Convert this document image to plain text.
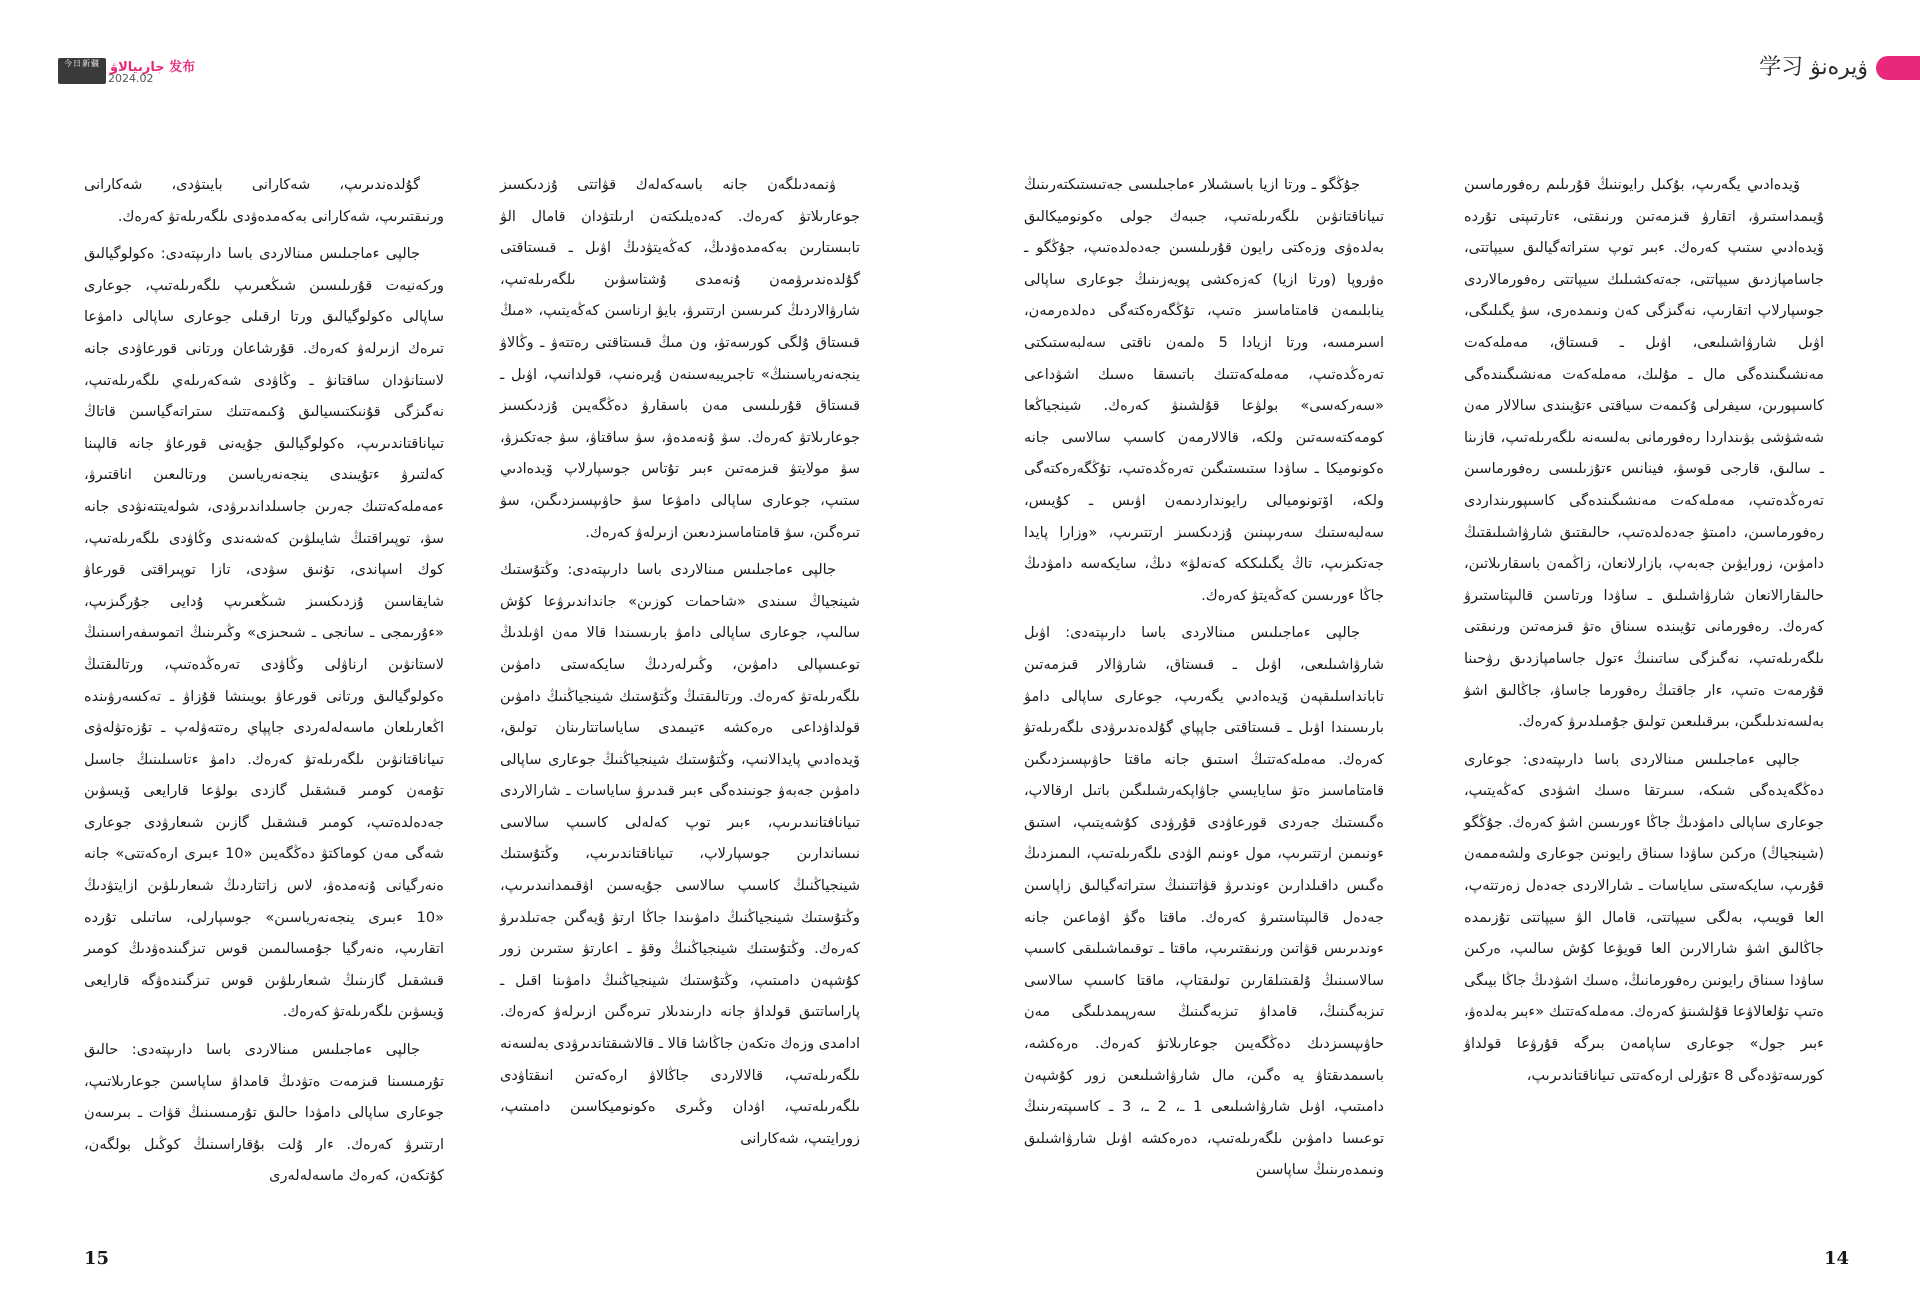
今日新疆 جارىيالاۋ 发布
2024.02

ۋنمەدىلگەن جانە باسەكەلەك قۋاتتى ۇزدىكسىز جوعارىلاتۋ كەرەك. كەدەيلىكتەن ارىلتۋدان قامال الۋ تابىستارىن بەكەمدەۋدىڭ، كەڭەيتۋدىڭ اۋىل ـ قىستاقتى گۇلدەندىرۋمەن ۇنەمدى ۇشتاسۋىن ىلگەرىلەتىپ، شارۋالاردىڭ كىرىسىن ارتتىرۋ، بايۋ ارناسىن كەڭەيتىپ، «مىڭ قىستاق ۇلگى كورسەتۋ، ون مىڭ قىستاقتى رەتتەۋ ـ وڭالاۋ ينجەنەرياسىنىڭ» تاجىريبەسىنەن ۇيرەنىپ، قولدانىپ، اۋىل ـ قىستاق قۇرىلىسى مەن باسقارۋ دەڭگەيىن ۇزدىكسىز جوعارىلاتۋ كەرەك. سۋ ۇنەمدەۋ، سۋ ساقتاۋ، سۋ جەتكىزۋ، سۋ مولايتۋ قىزمەتىن ءبىر تۇتاس جوسپارلاپ ۆيدەادىي ستىپ، جوعارى ساپالى دامۋعا سۋ حاۋىپسىزدىگىن، سۋ تىرەگىن، سۋ قامتاماسىزدىعىن ازىرلەۋ كەرەك.

جالپى ءماجىلىس مىنالاردى باسا دارىپتەدى: وڭتۇستىك شينجياڭ سىندى «شاحمات كوزىن» جانداندىرۋعا كۇش سالىپ، جوعارى ساپالى دامۋ بارىسىندا قالا مەن اۋىلدىڭ توعىسپالى دامۋىن، وڭىرلەردىڭ سايكەستى دامۋىن ىلگەرىلەتۋ كەرەك. ورتالىقتىڭ وڭتۇستىك شينجياڭنىڭ دامۋىن قولداۋداعى ەرەكشە ءتيىمدى ساياساتتارىنان تولىق، ۆيدەادىي پايدالانىپ، وڭتۇستىك شينجياڭنىڭ جوعارى ساپالى دامۋىن جەبەۋ جونىندەگى ءبىر قىدىرۋ ساياسات ـ شارالاردى تىيانافتانىدىرىپ، ءبىر توپ كەلەلى كاسىپ سالاسى نىساندارىن جوسپارلاپ، تىياناقتاندىرىپ، وڭتۇستىك شينجياڭنىڭ كاسىپ سالاسى جۇيەسىن اۋقىمدانىدىرىپ، وڭتۇستىك شينجياڭنىڭ دامۋىندا جاڭا ارتۋ ۇيەگىن جەتىلدىرۋ كەرەك. وڭتۇستىك شينجياڭنىڭ وقۋ ـ اعارتۋ ستىرىن زور كۇشپەن دامىتىپ، وڭتۇستىك شينجياڭنىڭ دامۋىنا اقىل ـ پاراساتتىق قولداۋ جانە دارىندىلار تىرەگىن ازىرلەۋ كەرەك. ادامدى وزەك ەتكەن جاڭاشا قالا ـ قالاشىقتاندىرۋدى بەلسەنە ىلگەرىلەتىپ، قالالاردى جاڭالاۋ ارەكەتىن انىقتاۋدى ىلگەرىلەتىپ، اۋدان وڭىرى ەكونوميكاسىن دامىتىپ، زورايتىپ، شەكارانى

گۇلدەندىرىپ، شەكارانى بايىتۋدى، شەكارانى ورنىقتىرىپ، شەكارانى بەكەمدەۋدى ىلگەرىلەتۋ كەرەك.

جالپى ءماجىلىس مىنالاردى باسا دارىپتەدى: ەكولوگيالىق وركەنيەت قۇرىلىسىن شىڭعىرىپ ىلگەرىلەتىپ، جوعارى ساپالى ەكولوگيالىق ورتا ارقىلى جوعارى ساپالى دامۋعا تىرەك ازىرلەۋ كەرەك. قۇرشاعان ورتانى قورعاۋدى جانە لاستانۋدان ساقتانۋ ـ وڭاۋدى شەكەرىلەي ىلگەرىلەتىپ، نەگىزگى قۇنىكتىسيالىق ۇكىمەتتىك ستراتەگياسىن قاتاڭ تىياناقتاندىرىپ، ەكولوگيالىق جۇيەنى قورعاۋ جانە قالپىنا كەلتىرۋ ءتۇيىندى ينجەنەرياسىن ورتالىعىن اناقتىرۋ، ءمەملەكەتتىك جەرىن جاسىلداندىرۋدى، شولەيتتەنۋدى جانە سۋ، توپىراقتىڭ شايىلۋىن كەشەندى وڭاۋدى ىلگەرىلەتىپ، كوك اسپاندى، تۇنىق سۋدى، تازا توپىراقتى قورعاۋ شايقاسىن ۇزدىكسىز شىڭعىرىپ ۇدايى جۇرگىزىپ، «ءۇرىمجى ـ سانجى ـ شىحىزى» وڭىرىنىڭ اتموسفەراسىنىڭ لاستانۋىن ارناۋلى وڭاۋدى تەرەڭدەتىپ، ورتالىقتىڭ ەكولوگيالىق ورتانى قورعاۋ بويىنشا قۇزاۋ ـ تەكسەرۋىندە اڭعارىلعان ماسەلەلەردى جاپپاي رەتتەۋلەپ ـ تۇزەتۋلەۋى تىياناقتانۋىن ىلگەرىلەتۋ كەرەك. دامۋ ءتاسىلىنىڭ جاسىل تۇمەن كومىر قىشقىل گازدى بولۋعا قارايعى ۆيسۋىن جەدەلدەتىپ، كومىر قىشقىل گازىن شىعارۋدى جوعارى شەگى مەن كوماكتۋ دەڭگەيىن «10 ءبىرى ارەكەتتى» جانە ەنەرگيانى ۇنەمدەۋ، لاس زاتتاردىڭ شىعارىلۋىن ازايتۋدىڭ «10 ءبىرى ينجەنەرياسىن» جوسپارلى، ساتىلى تۇردە اتقارىپ، ەنەرگيا جۇمسالىمىن قوس تىزگىندەۋدىڭ كومىر قىشقىل گازىنىڭ شىعارىلۋىن قوس تىزگىندەۋگە قارايعى ۆيسۋىن ىلگەرىلەتۋ كەرەك.

جالپى ءماجىلىس مىنالاردى باسا دارىپتەدى: حالىق تۇرمىسىنا قىزمەت ەتۋدىڭ قامداۋ ساپاسىن جوعارىلاتىپ، جوعارى ساپالى دامۋدا حالىق تۇرمىسىنىڭ قۋات ـ بىرسەن ارتتىرۋ كەرەك. ءار ۇلت بۇقاراسىنىڭ كوڭىل بولگەن، كۇتكەن، كەرەك ماسەلەلەرى

15
ۋيرەنۋ 学习

ۆيدەادىي يگەرىپ، بۇكىل رايوننىڭ قۇرىلىم رەفورماسىن ۇيىمداستىرۋ، اتقارۋ قىزمەتىن ورنىقتى، ءتارتىپتى تۇردە ۆيدەادىي ستىپ كەرەك. ءبىر توپ ستراتەگيالىق سيپاتتى، جاسامپازدىق سيپاتتى، جەتەكشىلىك سيپاتتى رەفورمالاردى جوسپارلاپ اتقارىپ، نەگىزگى كەن ونىمدەرى، سۋ يگىلىگى، اۋىل شارۋاشىلىعى، اۋىل ـ قىستاق، مەملەكەت مەنشىگىندەگى مال ـ مۇلىك، مەملەكەت مەنشىگىندەگى كاسىپورىن، سيفرلى ۇكىمەت سياقتى ءتۇيىندى سالالار مەن شەشۋشى بۋىنداردا رەفورمانى بەلسەنە ىلگەرىلەتىپ، قازىنا ـ سالىق، قارجى قوسۋ، فينانس ءتۇزىلىسى رەفورماسىن تەرەڭدەتىپ، مەملەكەت مەنشىگىندەگى كاسىپورىنداردى رەفورماسىن، دامىتۋ جەدەلدەتىپ، حالىقتىق شارۋاشىلىقتىڭ دامۋىن، زورايۋىن جەبەپ، بازارلانعان، زاڭمەن باسقارىلاتىن، حالىقارالانعان شارۋاشىلىق ـ ساۋدا ورتاسىن قالىپتاستىرۋ كەرەك. رەفورمانى تۇيىندە سىناق ەتۋ قىزمەتىن ورنىقتى ىلگەرىلەتىپ، نەگىزگى ساتىنىڭ ءتول جاسامپازدىق رۋحىنا قۇرمەت ەتىپ، ءار جاقتىڭ رەفورما جاساۋ، جاڭالىق اشۋ بەلسەندىلىگىن، بىرقىلىعىن تولىق جۇمىلدىرۋ كەرەك.

جالپى ءماجىلىس مىنالاردى باسا دارىپتەدى: جوعارى دەڭگەيدەگى شىكە، سىرتقا ەسىك اشۋدى كەڭەيتىپ، جوعارى ساپالى دامۋدىڭ جاڭا ءورىسىن اشۋ كەرەك. جۇڭگو (شينجياڭ) ەركىن ساۋدا سىناق رايونىن جوعارى ولشەممەن قۇرىپ، سايكەستى ساياسات ـ شارالاردى جەدەل زەرتتەپ، العا قويىپ، بەلگى سيپاتتى، قامال الۋ سيپاتتى تۇزىمدە جاڭالىق اشۋ شارالارىن العا قويۋعا كۇش سالىپ، ەركىن ساۋدا سىناق رايونىن رەفورمانىڭ، ەسىك اشۋدىڭ جاڭا بيىگى ەتىپ تۇلعالاۋعا قۇلشىنۋ كەرەك. مەملەكەتتىك «ءبىر بەلدەۋ، ءبىر جول» جوعارى ساپامەن بىرگە قۇرۋعا قولداۋ كورسەتۋدەگى 8 ءتۇرلى ارەكەتتى تىياناقتاندىرىپ،

جۇڭگو ـ ورتا ازيا باسشىلار ءماجىلىسى جەتىستىكتەرىنىڭ تىياناقتانۋىن ىلگەرىلەتىپ، جىبەك جولى ەكونوميكالىق بەلدەۋى وزەكتى رايون قۇرىلىسىن جەدەلدەتىپ، جۇڭگو ـ ەۋروپا (ورتا ازيا) كەزەكشى پويەزىنىڭ جوعارى ساپالى ينابلىمەن قامتاماسىز ەتىپ، تۇڭگەرەكتەگى دەلدەرمەن، اسىرمسە، ورتا ازيادا 5 ەلمەن ناقتى سەلبەستىكتى تەرەڭدەتىپ، مەملەكەتتىك باتىسقا ەسىك اشۋداعى «سەركەسى» بولۋعا قۇلشىنۋ كەرەك. شينجياڭعا كومەكتەسەتىن ولكە، قالالارمەن كاسىپ سالاسى جانە ەكونوميكا ـ ساۋدا ستىستىگىن تەرەڭدەتىپ، تۇڭگەرەكتەگى ولكە، اۆتونوميالى رايونداردىمەن اۋىس ـ كۇيىس، سەلبەستىك سەرىپىنىن ۇزدىكسىز ارتتىرىپ، «وزارا پايدا جەتكىزىپ، تاڭ يگىلىككە كەنەلۋ» دىڭ، سايكەسە دامۋدىڭ جاڭا ءورىسىن كەڭەيتۋ كەرەك.

جالپى ءماجىلىس مىنالاردى باسا دارىپتەدى: اۋىل شارۋاشىلىعى، اۋىل ـ قىستاق، شارۋالار قىزمەتىن تابانداسلىقپەن ۆيدەادىي يگەرىپ، جوعارى ساپالى دامۋ بارىسىندا اۋىل ـ قىستاقتى جاپپاي گۇلدەندىرۋدى ىلگەرىلەتۋ كەرەك. مەملەكەتتىڭ استىق جانە ماقتا حاۋىپسىزدىگىن قامتاماسىز ەتۋ سايايسي جاۋاپكەرشىلىگىن باتىل ارقالاپ، ەگىستىك جەردى قورعاۋدى قۇرۋدى كۇشەيتىپ، استىق ءونىمىن ارتتىرىپ، مول ءونىم الۋدى ىلگەرىلەتىپ، الىمىزدىڭ ەگىس داقىلدارىن ءوندىرۋ قۋاتتىنىڭ ستراتەگيالىق زاپاسىن جەدەل قالىپتاستىرۋ كەرەك. ماقتا ەگۋ اۋماعىن جانە ءوندىرىس قۋاتىن ورنىقتىرىپ، ماقتا ـ توقىماشىلىقى كاسىپ سالاسىنىڭ ۇلقىتىلقارىن تولىقتاپ، ماقتا كاسىپ سالاسى تىزبەگىنىڭ، قامداۋ تىزبەگىنىڭ سەرپىمدىلىگى مەن حاۋىپسىزدىك دەڭگەيىن جوعارىلاتۋ كەرەك. ەرەكشە، باسىمدىقتاۋ يە ەگىن، مال شارۋاشىلىعىن زور كۇشپەن دامىتىپ، اۋىل شارۋاشىلىعى 1 ـ، 2 ـ، 3 ـ كاسىپتەرىنىڭ توعىسا دامۋىن ىلگەرىلەتىپ، دەرەكشە اۋىل شارۋاشىلىق ونىمدەرىنىڭ ساپاسىن

14
